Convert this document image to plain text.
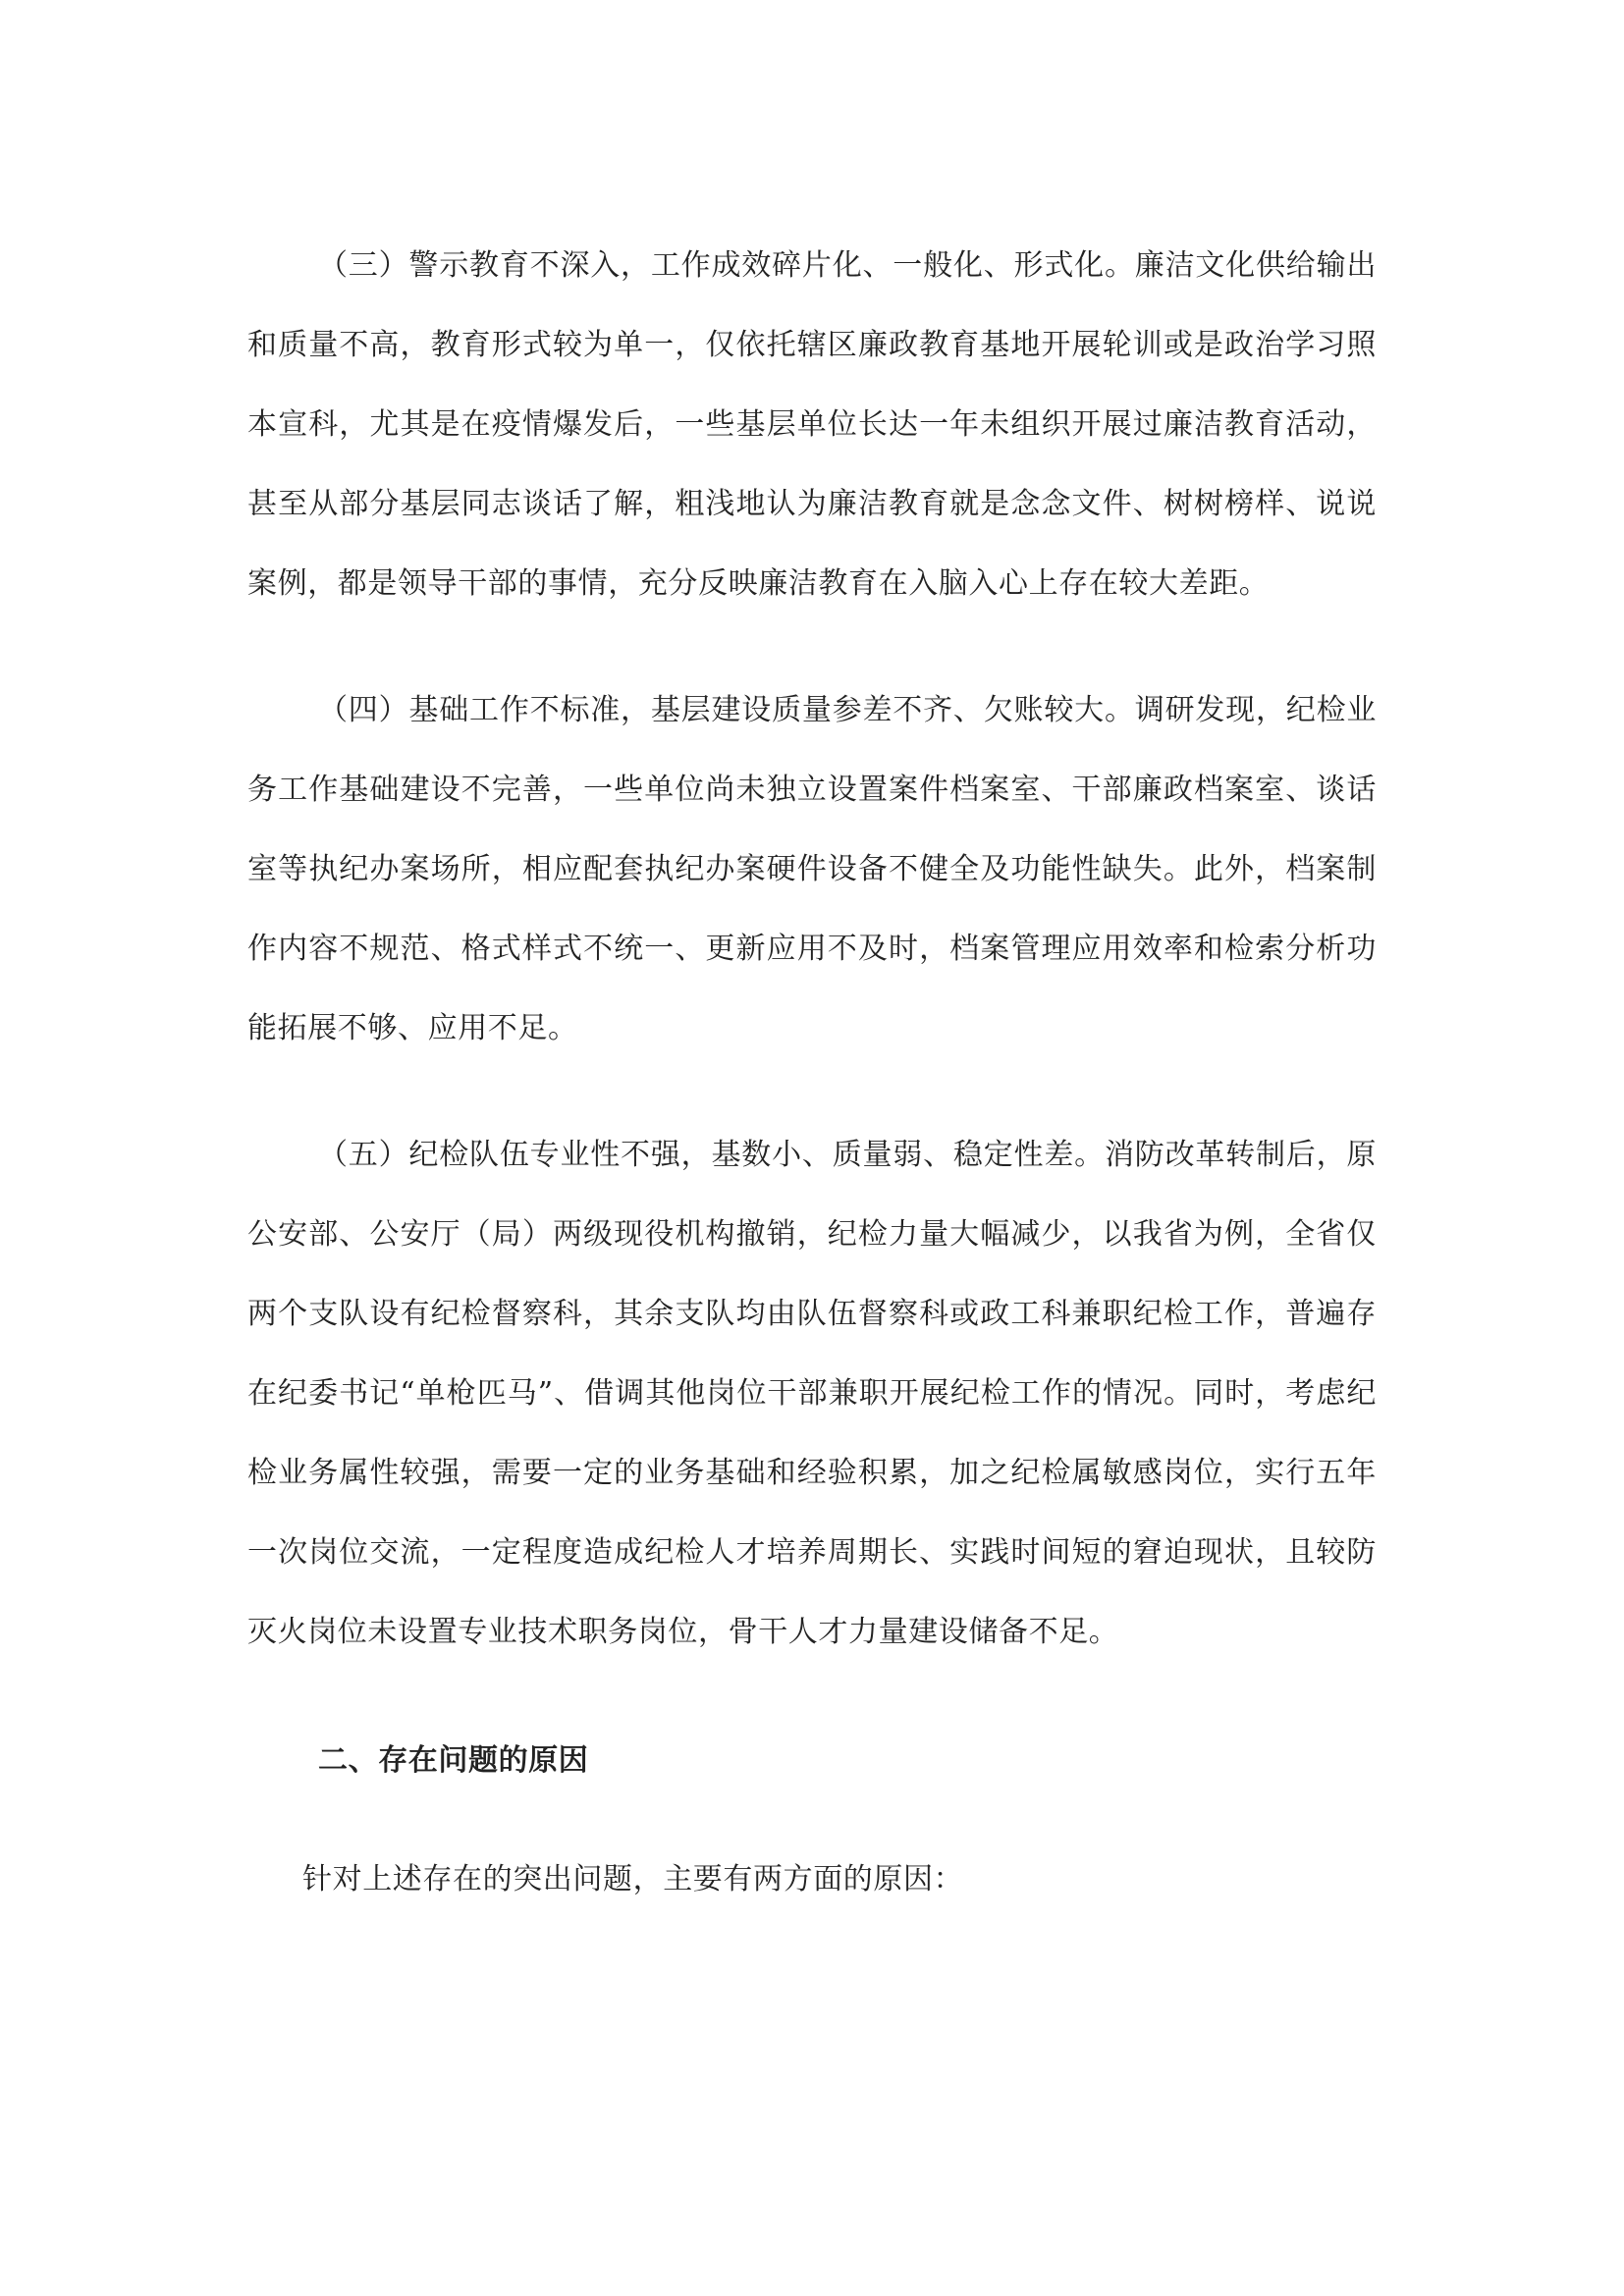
（三）警示教育不深入，工作成效碎片化、一般化、形式化。廉洁文化供给输出和质量不高，教育形式较为单一，仅依托辖区廉政教育基地开展轮训或是政治学习照本宣科，尤其是在疫情爆发后，一些基层单位长达一年未组织开展过廉洁教育活动，甚至从部分基层同志谈话了解，粗浅地认为廉洁教育就是念念文件、树树榜样、说说案例，都是领导干部的事情，充分反映廉洁教育在入脑入心上存在较大差距。

（四）基础工作不标准，基层建设质量参差不齐、欠账较大。调研发现，纪检业务工作基础建设不完善，一些单位尚未独立设置案件档案室、干部廉政档案室、谈话室等执纪办案场所，相应配套执纪办案硬件设备不健全及功能性缺失。此外，档案制作内容不规范、格式样式不统一、更新应用不及时，档案管理应用效率和检索分析功能拓展不够、应用不足。

（五）纪检队伍专业性不强，基数小、质量弱、稳定性差。消防改革转制后，原公安部、公安厅（局）两级现役机构撤销，纪检力量大幅减少，以我省为例，全省仅两个支队设有纪检督察科，其余支队均由队伍督察科或政工科兼职纪检工作，普遍存在纪委书记“单枪匹马”、借调其他岗位干部兼职开展纪检工作的情况。同时，考虑纪检业务属性较强，需要一定的业务基础和经验积累，加之纪检属敏感岗位，实行五年一次岗位交流，一定程度造成纪检人才培养周期长、实践时间短的窘迫现状，且较防灭火岗位未设置专业技术职务岗位，骨干人才力量建设储备不足。

二、存在问题的原因

针对上述存在的突出问题，主要有两方面的原因：
